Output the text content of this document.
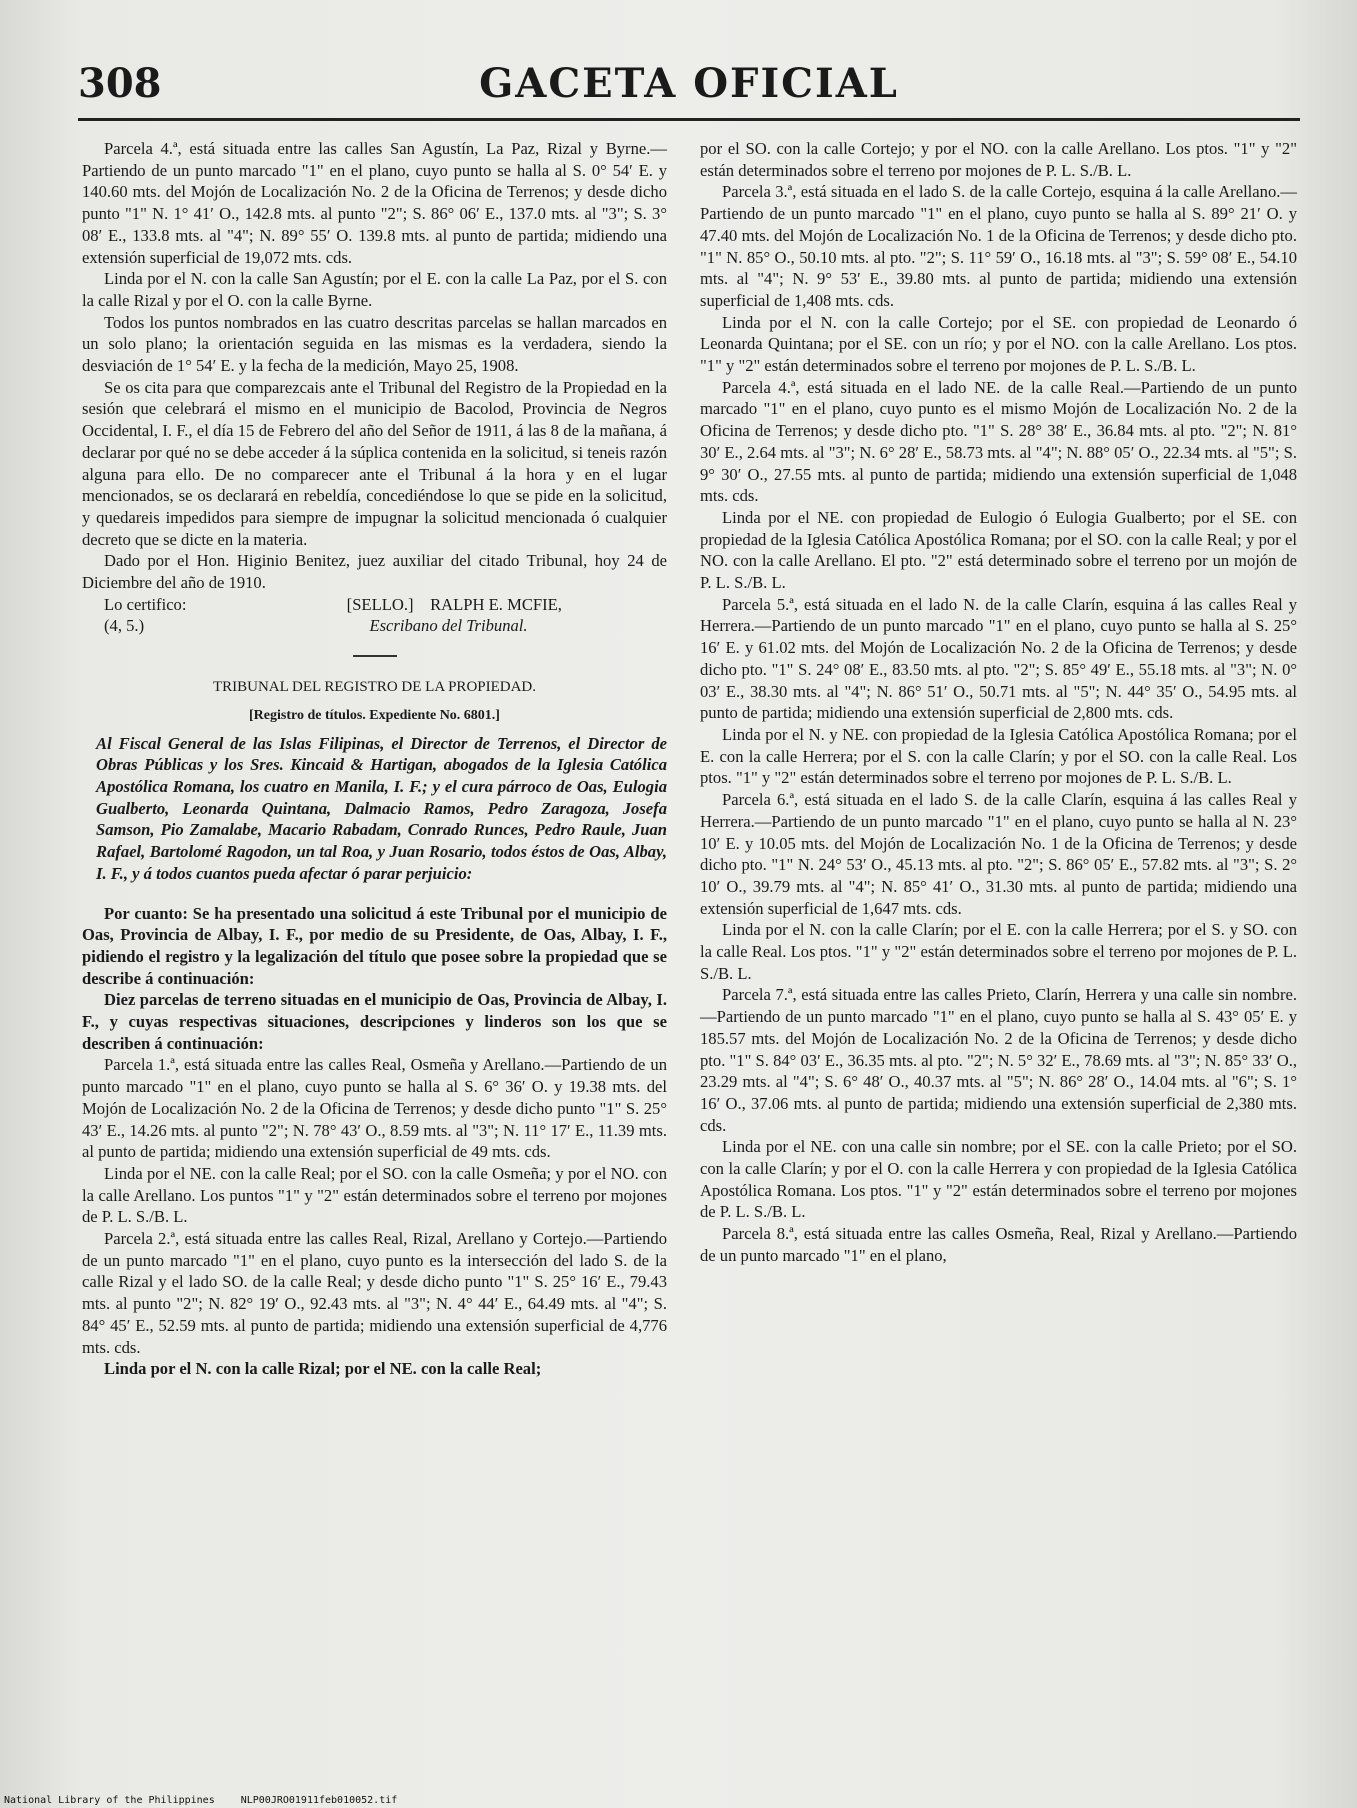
308	GACETA OFICIAL

Parcela 4.ª, está situada entre las calles San Agustín, La Paz, Rizal y Byrne.—Partiendo de un punto marcado "1" en el plano, cuyo punto se halla al S. 0° 54′ E. y 140.60 mts. del Mojón de Localización No. 2 de la Oficina de Terrenos; y desde dicho punto "1" N. 1° 41′ O., 142.8 mts. al punto "2"; S. 86° 06′ E., 137.0 mts. al "3"; S. 3° 08′ E., 133.8 mts. al "4"; N. 89° 55′ O. 139.8 mts. al punto de partida; midiendo una extensión superficial de 19,072 mts. cds.

Linda por el N. con la calle San Agustín; por el E. con la calle La Paz, por el S. con la calle Rizal y por el O. con la calle Byrne.

Todos los puntos nombrados en las cuatro descritas parcelas se hallan marcados en un solo plano; la orientación seguida en las mismas es la verdadera, siendo la desviación de 1° 54′ E. y la fecha de la medición, Mayo 25, 1908.

Se os cita para que comparezcais ante el Tribunal del Registro de la Propiedad en la sesión que celebrará el mismo en el municipio de Bacolod, Provincia de Negros Occidental, I. F., el día 15 de Febrero del año del Señor de 1911, á las 8 de la mañana, á declarar por qué no se debe acceder á la súplica contenida en la solicitud, si teneis razón alguna para ello. De no comparecer ante el Tribunal á la hora y en el lugar mencionados, se os declarará en rebeldía, concediéndose lo que se pide en la solicitud, y quedareis impedidos para siempre de impugnar la solicitud mencionada ó cualquier decreto que se dicte en la materia.

Dado por el Hon. Higinio Benitez, juez auxiliar del citado Tribunal, hoy 24 de Diciembre del año de 1910.

Lo certifico:	[SELLO.] RALPH E. MCFIE,
(4, 5.)	Escribano del Tribunal.

TRIBUNAL DEL REGISTRO DE LA PROPIEDAD.

[Registro de títulos. Expediente No. 6801.]

Al Fiscal General de las Islas Filipinas, el Director de Terrenos, el Director de Obras Públicas y los Sres. Kincaid & Hartigan, abogados de la Iglesia Católica Apostólica Romana, los cuatro en Manila, I. F.; y el cura párroco de Oas, Eulogia Gualberto, Leonarda Quintana, Dalmacio Ramos, Pedro Zaragoza, Josefa Samson, Pio Zamalabe, Macario Rabadam, Conrado Runces, Pedro Raule, Juan Rafael, Bartolomé Ragodon, un tal Roa, y Juan Rosario, todos éstos de Oas, Albay, I. F., y á todos cuantos pueda afectar ó parar perjuicio:

Por cuanto: Se ha presentado una solicitud á este Tribunal por el municipio de Oas, Provincia de Albay, I. F., por medio de su Presidente, de Oas, Albay, I. F., pidiendo el registro y la legalización del título que posee sobre la propiedad que se describe á continuación:

Diez parcelas de terreno situadas en el municipio de Oas, Provincia de Albay, I. F., y cuyas respectivas situaciones, descripciones y linderos son los que se describen á continuación:

Parcela 1.ª, está situada entre las calles Real, Osmeña y Arellano.—Partiendo de un punto marcado "1" en el plano, cuyo punto se halla al S. 6° 36′ O. y 19.38 mts. del Mojón de Localización No. 2 de la Oficina de Terrenos; y desde dicho punto "1" S. 25° 43′ E., 14.26 mts. al punto "2"; N. 78° 43′ O., 8.59 mts. al "3"; N. 11° 17′ E., 11.39 mts. al punto de partida; midiendo una extensión superficial de 49 mts. cds.

Linda por el NE. con la calle Real; por el SO. con la calle Osmeña; y por el NO. con la calle Arellano. Los puntos "1" y "2" están determinados sobre el terreno por mojones de P. L. S./B. L.

Parcela 2.ª, está situada entre las calles Real, Rizal, Arellano y Cortejo.—Partiendo de un punto marcado "1" en el plano, cuyo punto es la intersección del lado S. de la calle Rizal y el lado SO. de la calle Real; y desde dicho punto "1" S. 25° 16′ E., 79.43 mts. al punto "2"; N. 82° 19′ O., 92.43 mts. al "3"; N. 4° 44′ E., 64.49 mts. al "4"; S. 84° 45′ E., 52.59 mts. al punto de partida; midiendo una extensión superficial de 4,776 mts. cds.

Linda por el N. con la calle Rizal; por el NE. con la calle Real;

por el SO. con la calle Cortejo; y por el NO. con la calle Arellano. Los ptos. "1" y "2" están determinados sobre el terreno por mojones de P. L. S./B. L.

Parcela 3.ª, está situada en el lado S. de la calle Cortejo, esquina á la calle Arellano.—Partiendo de un punto marcado "1" en el plano, cuyo punto se halla al S. 89° 21′ O. y 47.40 mts. del Mojón de Localización No. 1 de la Oficina de Terrenos; y desde dicho pto. "1" N. 85° O., 50.10 mts. al pto. "2"; S. 11° 59′ O., 16.18 mts. al "3"; S. 59° 08′ E., 54.10 mts. al "4"; N. 9° 53′ E., 39.80 mts. al punto de partida; midiendo una extensión superficial de 1,408 mts. cds.

Linda por el N. con la calle Cortejo; por el SE. con propiedad de Leonardo ó Leonarda Quintana; por el SE. con un río; y por el NO. con la calle Arellano. Los ptos. "1" y "2" están determinados sobre el terreno por mojones de P. L. S./B. L.

Parcela 4.ª, está situada en el lado NE. de la calle Real.—Partiendo de un punto marcado "1" en el plano, cuyo punto es el mismo Mojón de Localización No. 2 de la Oficina de Terrenos; y desde dicho pto. "1" S. 28° 38′ E., 36.84 mts. al pto. "2"; N. 81° 30′ E., 2.64 mts. al "3"; N. 6° 28′ E., 58.73 mts. al "4"; N. 88° 05′ O., 22.34 mts. al "5"; S. 9° 30′ O., 27.55 mts. al punto de partida; midiendo una extensión superficial de 1,048 mts. cds.

Linda por el NE. con propiedad de Eulogio ó Eulogia Gualberto; por el SE. con propiedad de la Iglesia Católica Apostólica Romana; por el SO. con la calle Real; y por el NO. con la calle Arellano. El pto. "2" está determinado sobre el terreno por un mojón de P. L. S./B. L.

Parcela 5.ª, está situada en el lado N. de la calle Clarín, esquina á las calles Real y Herrera.—Partiendo de un punto marcado "1" en el plano, cuyo punto se halla al S. 25° 16′ E. y 61.02 mts. del Mojón de Localización No. 2 de la Oficina de Terrenos; y desde dicho pto. "1" S. 24° 08′ E., 83.50 mts. al pto. "2"; S. 85° 49′ E., 55.18 mts. al "3"; N. 0° 03′ E., 38.30 mts. al "4"; N. 86° 51′ O., 50.71 mts. al "5"; N. 44° 35′ O., 54.95 mts. al punto de partida; midiendo una extensión superficial de 2,800 mts. cds.

Linda por el N. y NE. con propiedad de la Iglesia Católica Apostólica Romana; por el E. con la calle Herrera; por el S. con la calle Clarín; y por el SO. con la calle Real. Los ptos. "1" y "2" están determinados sobre el terreno por mojones de P. L. S./B. L.

Parcela 6.ª, está situada en el lado S. de la calle Clarín, esquina á las calles Real y Herrera.—Partiendo de un punto marcado "1" en el plano, cuyo punto se halla al N. 23° 10′ E. y 10.05 mts. del Mojón de Localización No. 1 de la Oficina de Terrenos; y desde dicho pto. "1" N. 24° 53′ O., 45.13 mts. al pto. "2"; S. 86° 05′ E., 57.82 mts. al "3"; S. 2° 10′ O., 39.79 mts. al "4"; N. 85° 41′ O., 31.30 mts. al punto de partida; midiendo una extensión superficial de 1,647 mts. cds.

Linda por el N. con la calle Clarín; por el E. con la calle Herrera; por el S. y SO. con la calle Real. Los ptos. "1" y "2" están determinados sobre el terreno por mojones de P. L. S./B. L.

Parcela 7.ª, está situada entre las calles Prieto, Clarín, Herrera y una calle sin nombre.—Partiendo de un punto marcado "1" en el plano, cuyo punto se halla al S. 43° 05′ E. y 185.57 mts. del Mojón de Localización No. 2 de la Oficina de Terrenos; y desde dicho pto. "1" S. 84° 03′ E., 36.35 mts. al pto. "2"; N. 5° 32′ E., 78.69 mts. al "3"; N. 85° 33′ O., 23.29 mts. al "4"; S. 6° 48′ O., 40.37 mts. al "5"; N. 86° 28′ O., 14.04 mts. al "6"; S. 1° 16′ O., 37.06 mts. al punto de partida; midiendo una extensión superficial de 2,380 mts. cds.

Linda por el NE. con una calle sin nombre; por el SE. con la calle Prieto; por el SO. con la calle Clarín; y por el O. con la calle Herrera y con propiedad de la Iglesia Católica Apostólica Romana. Los ptos. "1" y "2" están determinados sobre el terreno por mojones de P. L. S./B. L.

Parcela 8.ª, está situada entre las calles Osmeña, Real, Rizal y Arellano.—Partiendo de un punto marcado "1" en el plano,

National Library of the Philippines	NLP00JRO01911feb010052.tif
